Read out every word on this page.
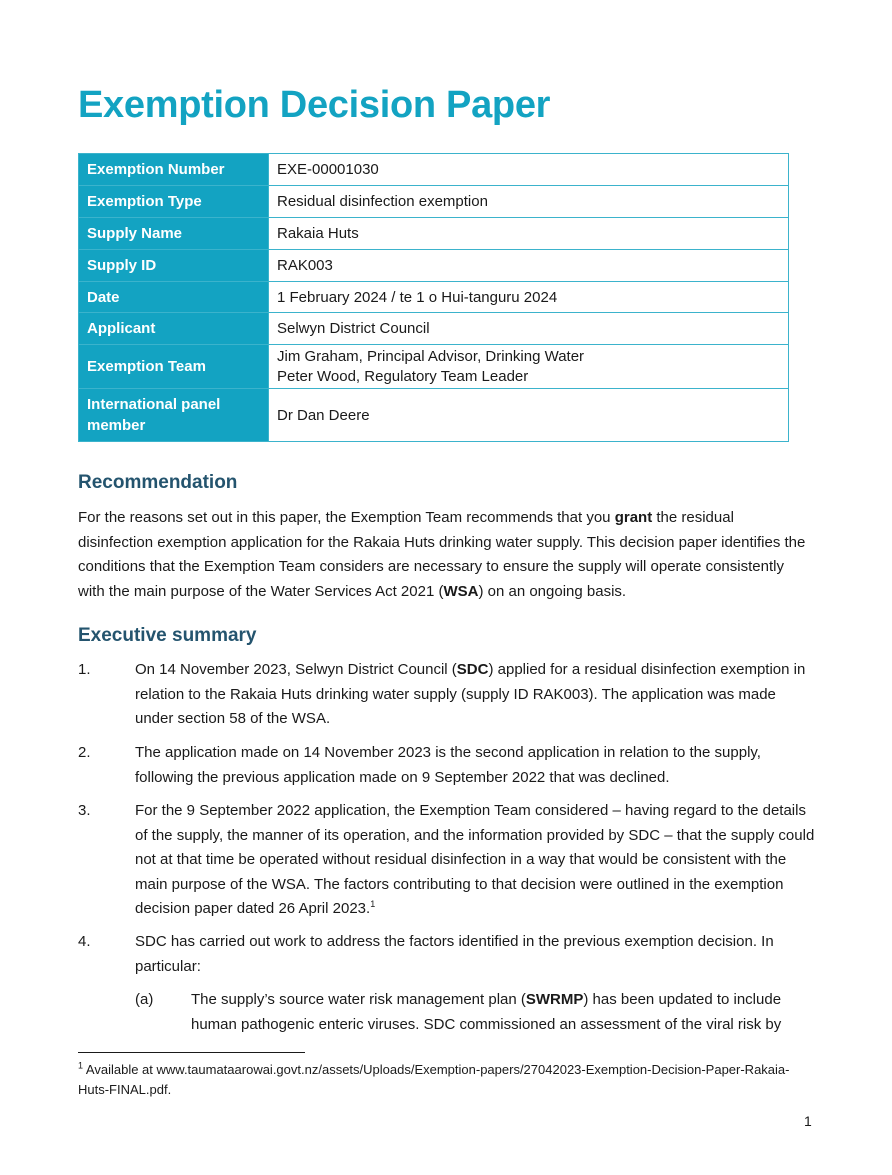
Exemption Decision Paper
Exemption Number	EXE-00001030

Exemption Type	Residual disinfection exemption

Supply Name	Rakaia Huts

Supply ID	RAK003

Date	1 February 2024 / te 1 o Hui-tanguru 2024

Applicant	Selwyn District Council

Exemption Team	Jim Graham, Principal Advisor, Drinking Water
Peter Wood, Regulatory Team Leader

International panel member	Dr Dan Deere
Recommendation

For the reasons set out in this paper, the Exemption Team recommends that you grant the residual disinfection exemption application for the Rakaia Huts drinking water supply. This decision paper identifies the conditions that the Exemption Team considers are necessary to ensure the supply will operate consistently with the main purpose of the Water Services Act 2021 (WSA) on an ongoing basis.

Executive summary
1.	On 14 November 2023, Selwyn District Council (SDC) applied for a residual disinfection exemption in relation to the Rakaia Huts drinking water supply (supply ID RAK003). The application was made under section 58 of the WSA.
2.	The application made on 14 November 2023 is the second application in relation to the supply, following the previous application made on 9 September 2022 that was declined.
3.	For the 9 September 2022 application, the Exemption Team considered – having regard to the details of the supply, the manner of its operation, and the information provided by SDC – that the supply could not at that time be operated without residual disinfection in a way that would be consistent with the main purpose of the WSA. The factors contributing to that decision were outlined in the exemption decision paper dated 26 April 2023.$^1$
4.	SDC has carried out work to address the factors identified in the previous exemption decision. In particular:
(a)	The supply’s source water risk management plan (SWRMP) has been updated to include human pathogenic enteric viruses. SDC commissioned an assessment of the viral risk by

$^1$ Available at www.taumataarowai.govt.nz/assets/Uploads/Exemption-papers/27042023-Exemption-Decision-Paper-Rakaia-Huts-FINAL.pdf.

1
